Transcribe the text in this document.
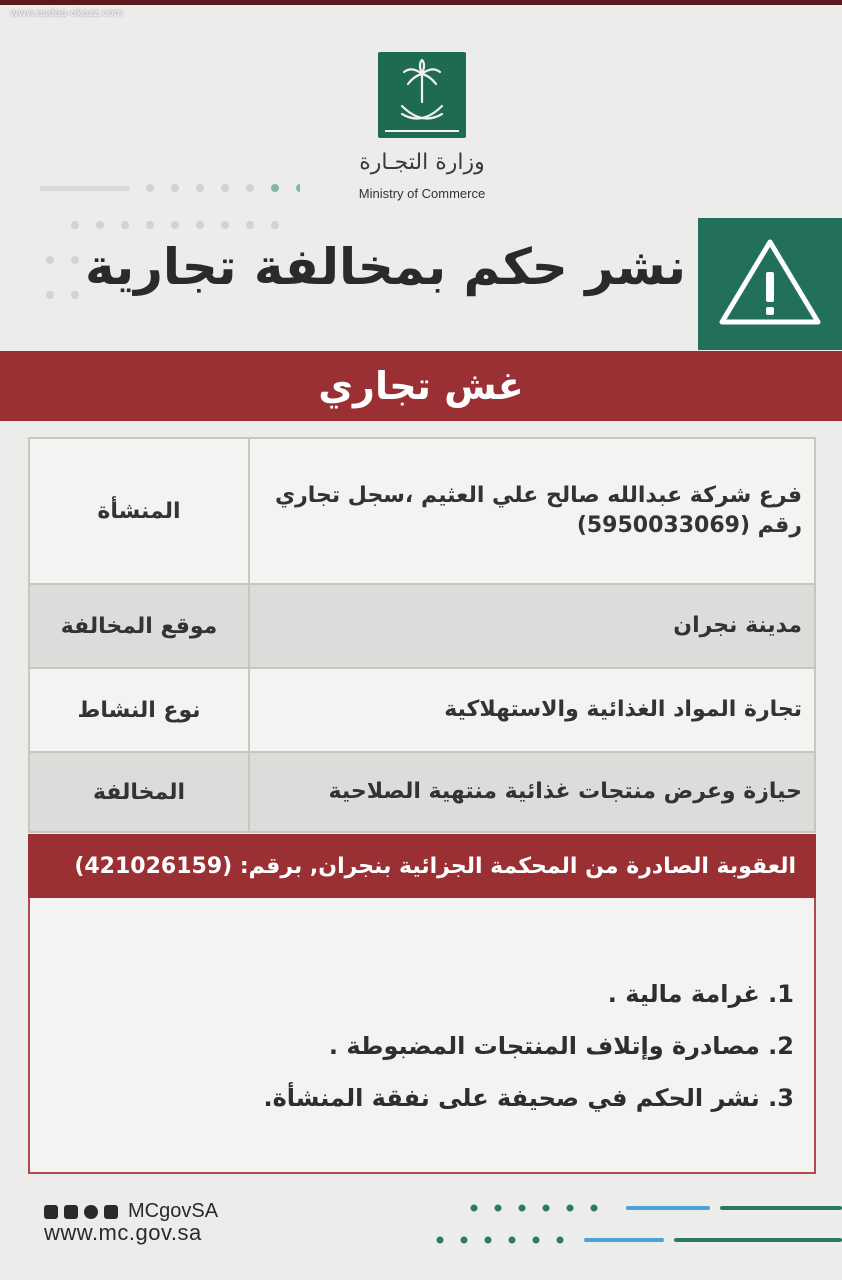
www.asdaa-okazz.com
وزارة التجـارة
Ministry of Commerce
نشر حكم بمخالفة تجارية
غش تجاري
المنشأة	فرع شركة عبدالله صالح علي العثيم ،سجل تجاري
رقم (5950033069)

موقع المخالفة	مدينة نجران
نوع النشاط	تجارة المواد الغذائية والاستهلاكية
المخالفة	حيازة وعرض منتجات غذائية منتهية الصلاحية
العقوبة الصادرة من المحكمة الجزائية بنجران, برقم: (421026159)
1. غرامة مالية .
2. مصادرة وإتلاف المنتجات المضبوطة .
3. نشر الحكم في صحيفة على نفقة المنشأة.
MCgovSA
www.mc.gov.sa
